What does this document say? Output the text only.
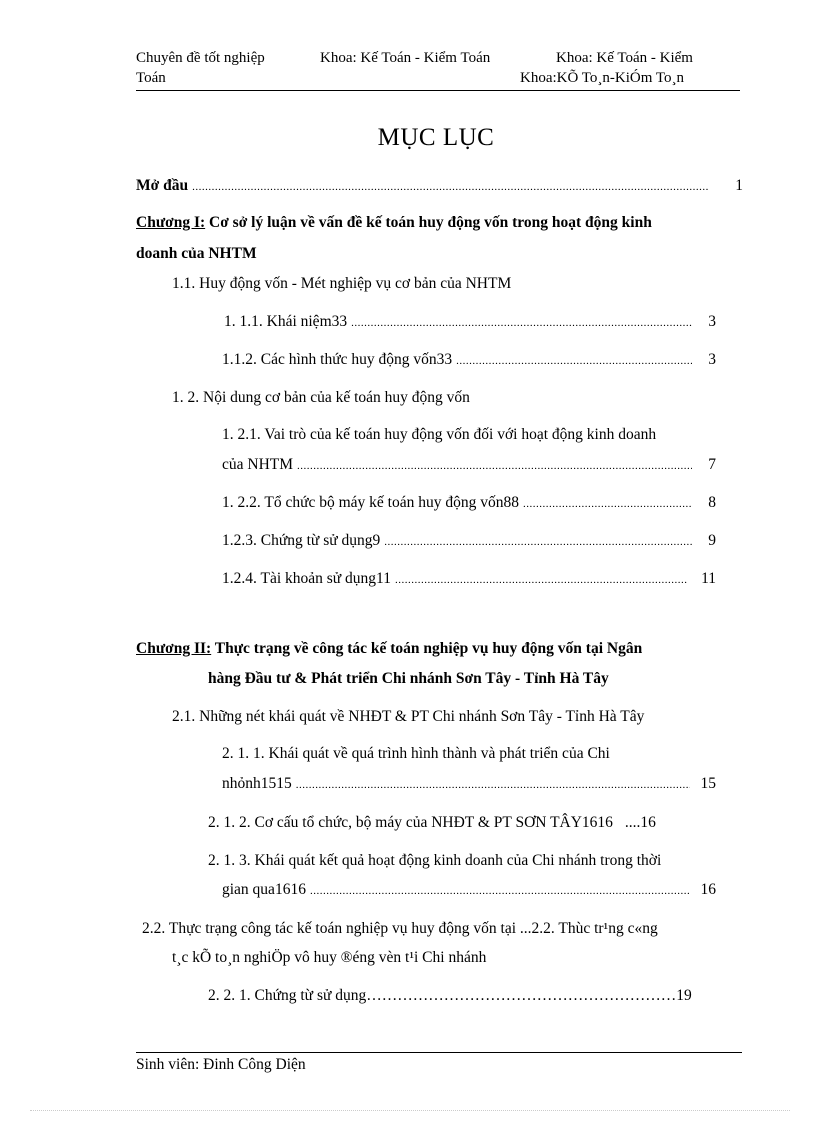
Chuyên đề tốt nghiệp	Khoa: Kế Toán - Kiểm Toán	Khoa: Kế Toán - Kiểm
Toán	Khoa:KÕ To¸n-KiÓm To¸n
MỤC LỤC
Mở đầu .....	1
Chương I: Cơ sở lý luận về vấn đề kế toán huy động vốn trong hoạt động kinh
doanh của NHTM
1.1. Huy động vốn - Mét nghiệp vụ cơ bản của NHTM
1. 1.1. Khái niệm33 .....	3
1.1.2. Các hình thức huy động vốn33 .....	3
1. 2. Nội dung cơ bản của kế toán huy động vốn
1. 2.1. Vai trò của kế toán huy động vốn đối với hoạt động kinh doanh
của NHTM .....	7
1. 2.2. Tổ chức bộ máy kế toán huy động vốn88 .....	8
1.2.3. Chứng từ sử dụng9 .....	9
1.2.4. Tài khoản sử dụng11 .....	11
Chương II: Thực trạng về công tác kế toán nghiệp vụ huy động vốn tại Ngân
hàng Đầu tư & Phát triển Chi nhánh Sơn Tây - Tỉnh Hà Tây
2.1. Những nét khái quát về NHĐT & PT Chi nhánh Sơn Tây - Tỉnh Hà Tây
2. 1. 1. Khái quát về quá trình hình thành và phát triển của Chi
nhỏnh1515 .....	15
2. 1. 2. Cơ cấu tổ chức, bộ máy của NHĐT & PT SƠN TÂY1616 ....16
2. 1. 3. Khái quát kết quả hoạt động kinh doanh của Chi nhánh trong thời
gian qua1616 .....	16
2.2. Thực trạng công tác kế toán nghiệp vụ huy động vốn tại ...2.2. Thùc tr¹ng c«ng
t¸c kÕ to¸n nghiÖp vô huy ®éng vèn t¹i Chi nhánh
2. 2. 1. Chứng từ sử dụng……………………………………………………19
Sinh viên: Đinh Công Diện
